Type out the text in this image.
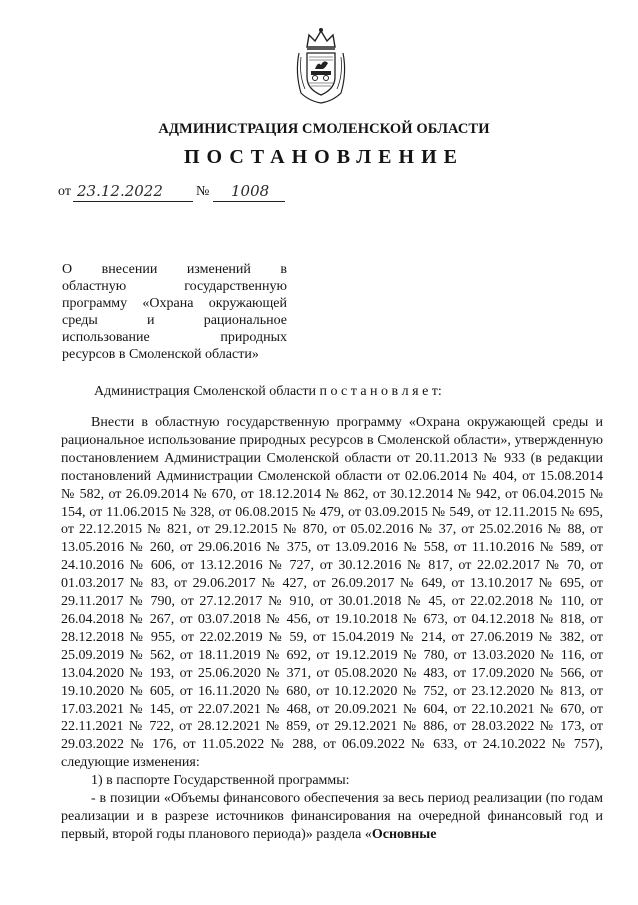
АДМИНИСТРАЦИЯ СМОЛЕНСКОЙ ОБЛАСТИ
ПОСТАНОВЛЕНИЕ
от 23.12.2022 № 1008
О внесении изменений в
областную государственную
программу «Охрана окружающей
среды и рациональное
использование природных
ресурсов в Смоленской области»
Администрация Смоленской области п о с т а н о в л я е т:

Внести в областную государственную программу «Охрана окружающей среды и рациональное использование природных ресурсов в Смоленской области», утвержденную постановлением Администрации Смоленской области от 20.11.2013 № 933 (в редакции постановлений Администрации Смоленской области от 02.06.2014 № 404, от 15.08.2014 № 582, от 26.09.2014 № 670, от 18.12.2014 № 862, от 30.12.2014 № 942, от 06.04.2015 № 154, от 11.06.2015 № 328, от 06.08.2015 № 479, от 03.09.2015 № 549, от 12.11.2015 № 695, от 22.12.2015 № 821, от 29.12.2015 № 870, от 05.02.2016 № 37, от 25.02.2016 № 88, от 13.05.2016 № 260, от 29.06.2016 № 375, от 13.09.2016 № 558, от 11.10.2016 № 589, от 24.10.2016 № 606, от 13.12.2016 № 727, от 30.12.2016 № 817, от 22.02.2017 № 70, от 01.03.2017 № 83, от 29.06.2017 № 427, от 26.09.2017 № 649, от 13.10.2017 № 695, от 29.11.2017 № 790, от 27.12.2017 № 910, от 30.01.2018 № 45, от 22.02.2018 № 110, от 26.04.2018 № 267, от 03.07.2018 № 456, от 19.10.2018 № 673, от 04.12.2018 № 818, от 28.12.2018 № 955, от 22.02.2019 № 59, от 15.04.2019 № 214, от 27.06.2019 № 382, от 25.09.2019 № 562, от 18.11.2019 № 692, от 19.12.2019 № 780, от 13.03.2020 № 116, от 13.04.2020 № 193, от 25.06.2020 № 371, от 05.08.2020 № 483, от 17.09.2020 № 566, от 19.10.2020 № 605, от 16.11.2020 № 680, от 10.12.2020 № 752, от 23.12.2020 № 813, от 17.03.2021 № 145, от 22.07.2021 № 468, от 20.09.2021 № 604, от 22.10.2021 № 670, от 22.11.2021 № 722, от 28.12.2021 № 859, от 29.12.2021 № 886, от 28.03.2022 № 173, от 29.03.2022 № 176, от 11.05.2022 № 288, от 06.09.2022 № 633, от 24.10.2022 № 757), следующие изменения:

1) в паспорте Государственной программы:

- в позиции «Объемы финансового обеспечения за весь период реализации (по годам реализации и в разрезе источников финансирования на очередной финансовый год и первый, второй годы планового периода)» раздела «Основные
